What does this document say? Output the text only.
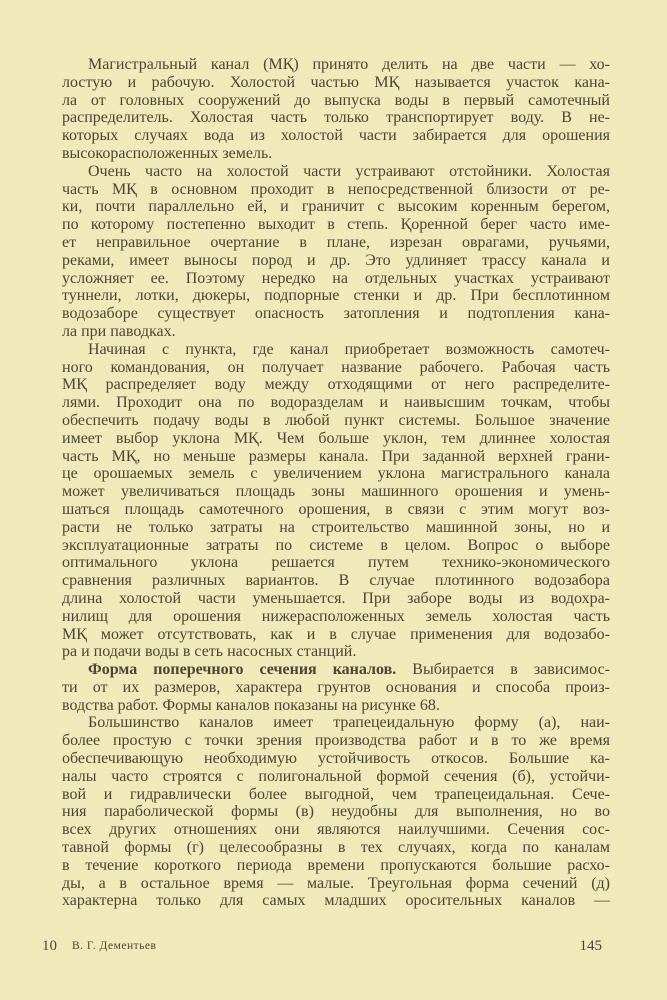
Магистральный канал (МҚ) принято делить на две части — хо-
лостую и рабочую. Холостой частью МҚ называется участок кана-
ла от головных сооружений до выпуска воды в первый самотечный
распределитель. Холостая часть только транспортирует воду. В не-
которых случаях вода из холостой части забирается для орошения
высокорасположенных земель.
Очень часто на холостой части устраивают отстойники. Холостая
часть МҚ в основном проходит в непосредственной близости от ре-
ки, почти параллельно ей, и граничит с высоким коренным берегом,
по которому постепенно выходит в степь. Қоренной берег часто име-
ет неправильное очертание в плане, изрезан оврагами, ручьями,
реками, имеет выносы пород и др. Это удлиняет трассу канала и
усложняет ее. Поэтому нередко на отдельных участках устраивают
туннели, лотки, дюкеры, подпорные стенки и др. При бесплотинном
водозаборе существует опасность затопления и подтопления кана-
ла при паводках.
Начиная с пункта, где канал приобретает возможность самотеч-
ного командования, он получает название рабочего. Рабочая часть
МҚ распределяет воду между отходящими от него распределите-
лями. Проходит она по водоразделам и наивысшим точкам, чтобы
обеспечить подачу воды в любой пункт системы. Большое значение
имеет выбор уклона МҚ. Чем больше уклон, тем длиннее холостая
часть МҚ, но меньше размеры канала. При заданной верхней грани-
це орошаемых земель с увеличением уклона магистрального канала
может увеличиваться площадь зоны машинного орошения и умень-
шаться площадь самотечного орошения, в связи с этим могут воз-
расти не только затраты на строительство машинной зоны, но и
эксплуатационные затраты по системе в целом. Вопрос о выборе
оптимального уклона решается путем технико-экономического
сравнения различных вариантов. В случае плотинного водозабора
длина холостой части уменьшается. При заборе воды из водохра-
нилищ для орошения нижерасположенных земель холостая часть
МҚ может отсутствовать, как и в случае применения для водозабо-
ра и подачи воды в сеть насосных станций.
Форма поперечного сечения каналов. Выбирается в зависимос-
ти от их размеров, характера грунтов основания и способа произ-
водства работ. Формы каналов показаны на рисунке 68.
Большинство каналов имеет трапецеидальную форму (а), наи-
более простую с точки зрения производства работ и в то же время
обеспечивающую необходимую устойчивость откосов. Большие ка-
налы часто строятся с полигональной формой сечения (б), устойчи-
вой и гидравлически более выгодной, чем трапецеидальная. Сече-
ния параболической формы (в) неудобны для выполнения, но во
всех других отношениях они являются наилучшими. Сечения сос-
тавной формы (г) целесообразны в тех случаях, когда по каналам
в течение короткого периода времени пропускаются большие расхо-
ды, а в остальное время — малые. Треугольная форма сечений (д)
характерна только для самых младших оросительных каналов —
10 В. Г. Дементьев	145
